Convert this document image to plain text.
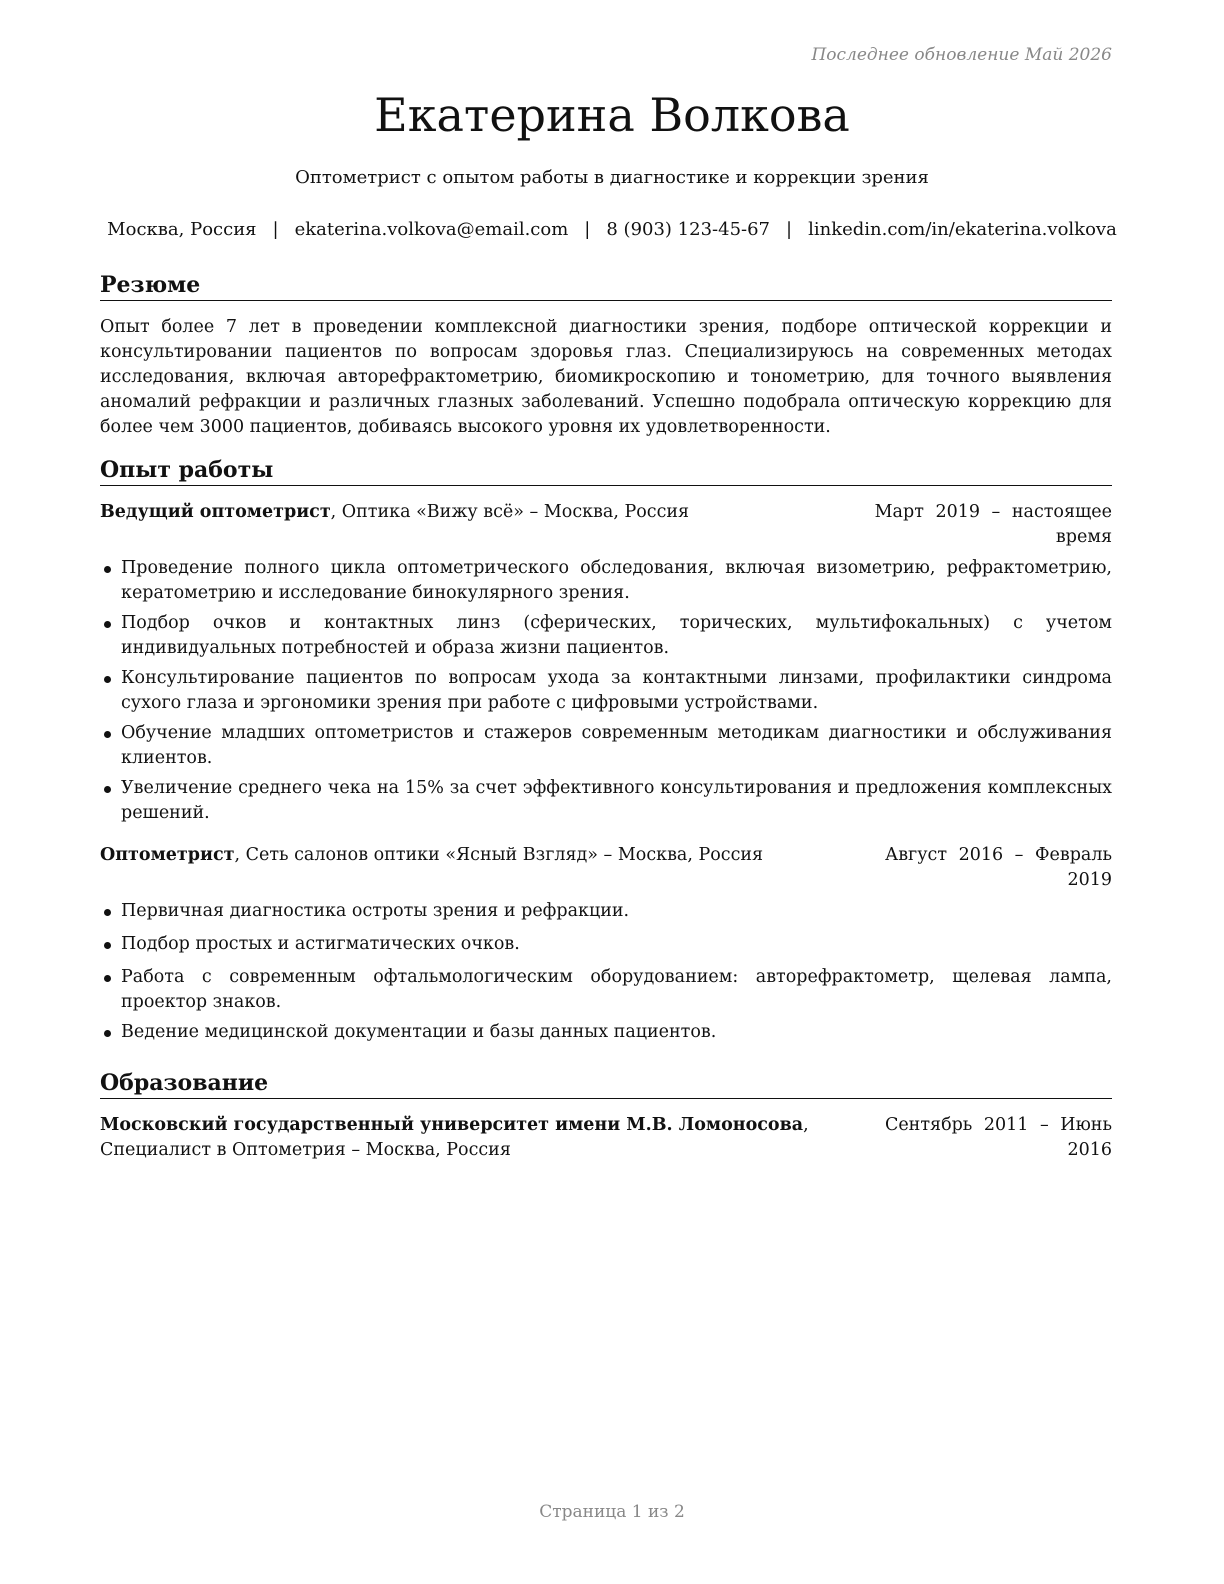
Последнее обновление Май 2026
Екатерина Волкова
Оптометрист с опытом работы в диагностике и коррекции зрения
Москва, Россия | ekaterina.volkova@email.com | 8 (903) 123-45-67 | linkedin.com/in/ekaterina.volkova
Резюме
Опыт более 7 лет в проведении комплексной диагностики зрения, подборе оптической коррекции и консультировании пациентов по вопросам здоровья глаз. Специализируюсь на современных методах исследования, включая авторефрактометрию, биомикроскопию и тонометрию, для точного выявления аномалий рефракции и различных глазных заболеваний. Успешно подобрала оптическую коррекцию для более чем 3000 пациентов, добиваясь высокого уровня их удовлетворенности.
Опыт работы
Ведущий оптометрист, Оптика «Вижу всё» – Москва, Россия	Март 2019 – настоящее время
Проведение полного цикла оптометрического обследования, включая визометрию, рефрактометрию, кератометрию и исследование бинокулярного зрения.
Подбор очков и контактных линз (сферических, торических, мультифокальных) с учетом индивидуальных потребностей и образа жизни пациентов.
Консультирование пациентов по вопросам ухода за контактными линзами, профилактики синдрома сухого глаза и эргономики зрения при работе с цифровыми устройствами.
Обучение младших оптометристов и стажеров современным методикам диагностики и обслуживания клиентов.
Увеличение среднего чека на 15% за счет эффективного консультирования и предложения комплексных решений.
Оптометрист, Сеть салонов оптики «Ясный Взгляд» – Москва, Россия	Август 2016 – Февраль 2019
Первичная диагностика остроты зрения и рефракции.
Подбор простых и астигматических очков.
Работа с современным офтальмологическим оборудованием: авторефрактометр, щелевая лампа, проектор знаков.
Ведение медицинской документации и базы данных пациентов.
Образование
Московский государственный университет имени М.В. Ломоносова, Специалист в Оптометрия – Москва, Россия
Сентябрь 2011 – Июнь 2016
Страница 1 из 2
